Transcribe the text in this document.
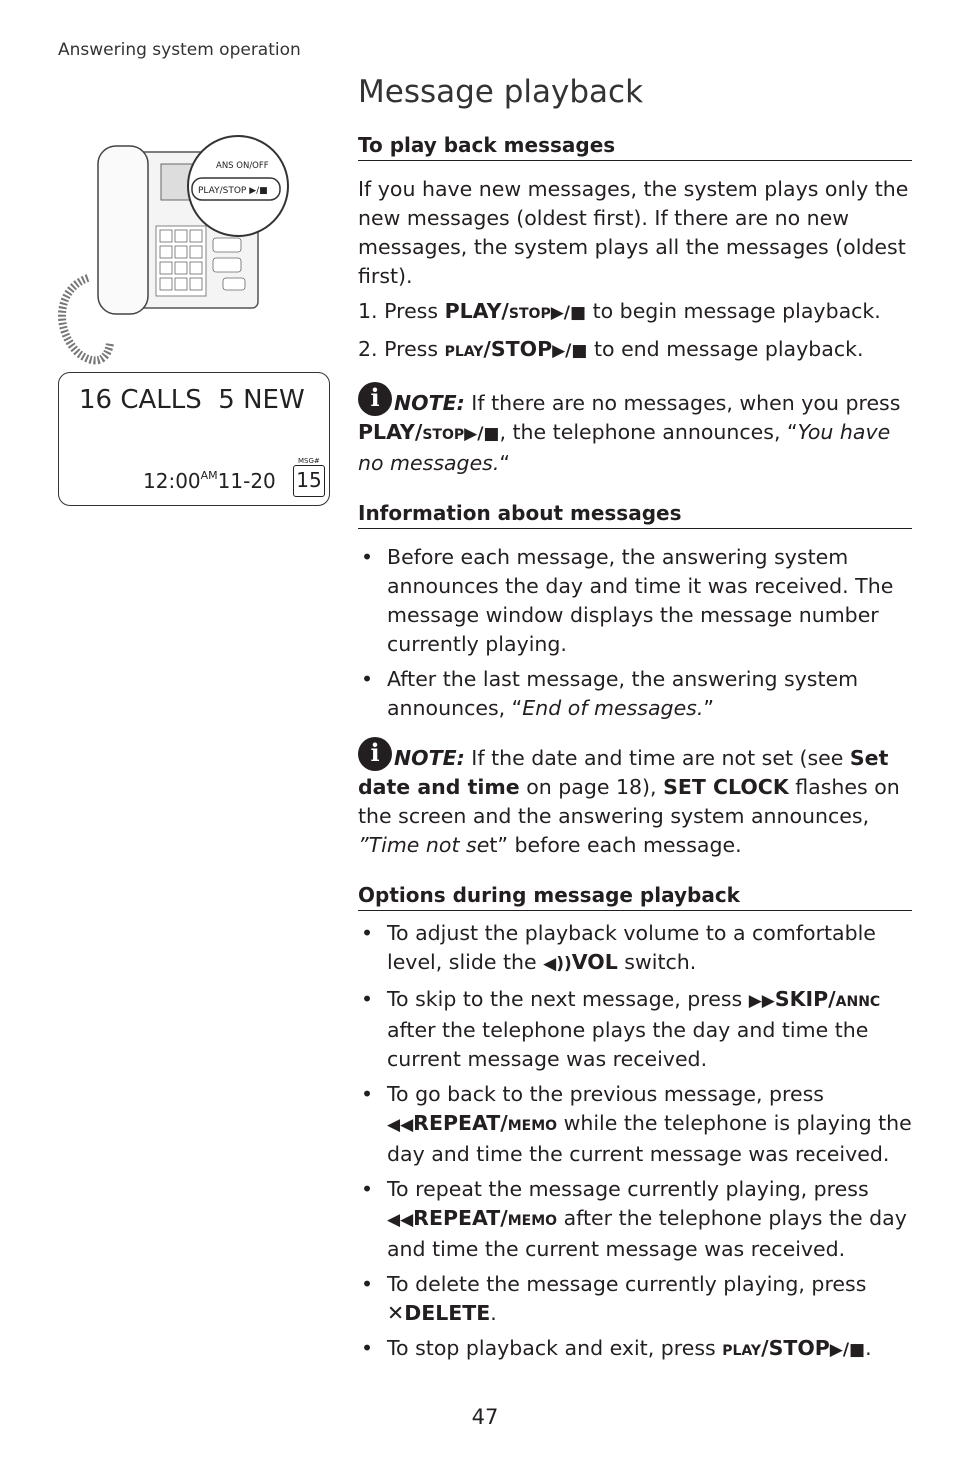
Answering system operation
Message playback
ANS ON/OFF
PLAY/STOP ▶/■
16 CALLS  5 NEW
$12:00^{AM}11-20$ 15
MSG#
To play back messages

If you have new messages, the system plays only the new messages (oldest first). If there are no new messages, the system plays all the messages (oldest first).

1. Press PLAY/stop▶/■ to begin message playback.
2. Press play/STOP▶/■ to end message playback.

iNOTE: If there are no messages, when you press PLAY/stop▶/■, the telephone announces, “You have no messages.“

Information about messages
• Before each message, the answering system announces the day and time it was received. The message window displays the message number currently playing.
• After the last message, the answering system announces, “End of messages.”

iNOTE: If the date and time are not set (see Set date and time on page 18), SET CLOCK flashes on the screen and the answering system announces, ”Time not set” before each message.

Options during message playback
• To adjust the playback volume to a comfortable level, slide the ◀))VOL switch.
• To skip to the next message, press ▶▶SKIP/annc after the telephone plays the day and time the current message was received.
• To go back to the previous message, press ◀◀REPEAT/memo while the telephone is playing the day and time the current message was received.
• To repeat the message currently playing, press ◀◀REPEAT/memo after the telephone plays the day and time the current message was received.
• To delete the message currently playing, press ✕DELETE.
• To stop playback and exit, press play/STOP▶/■.
47
